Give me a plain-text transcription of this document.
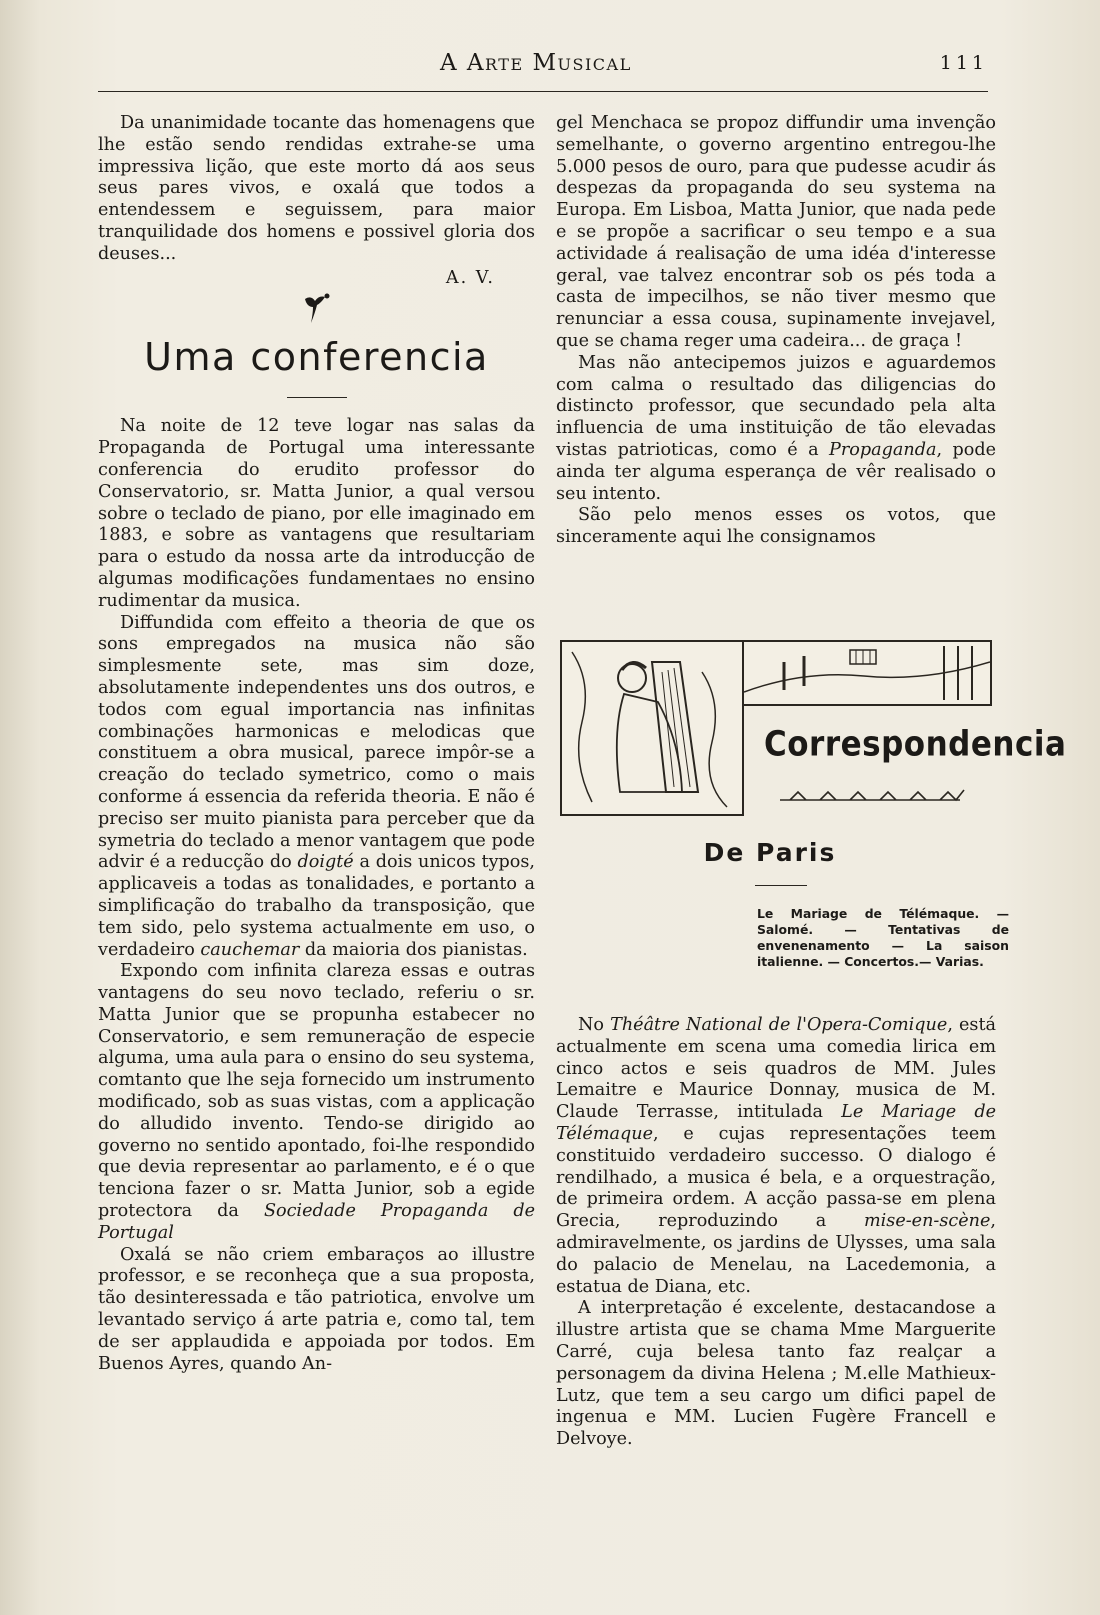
A Arte Musical	111

Da unanimidade tocante das homenagens que lhe estão sendo rendidas extrahe-se uma impressiva lição, que este morto dá aos seus seus pares vivos, e oxalá que todos a entendessem e seguissem, para maior tranquilidade dos homens e possivel gloria dos deuses...

A. V.
Uma conferencia

Na noite de 12 teve logar nas salas da Propaganda de Portugal uma interessante conferencia do erudito professor do Conservatorio, sr. Matta Junior, a qual versou sobre o teclado de piano, por elle imaginado em 1883, e sobre as vantagens que resultariam para o estudo da nossa arte da introducção de algumas modificações fundamentaes no ensino rudimentar da musica.

Diffundida com effeito a theoria de que os sons empregados na musica não são simplesmente sete, mas sim doze, absolutamente independentes uns dos outros, e todos com egual importancia nas infinitas combinações harmonicas e melodicas que constituem a obra musical, parece impôr-se a creação do teclado symetrico, como o mais conforme á essencia da referida theoria. E não é preciso ser muito pianista para perceber que da symetria do teclado a menor vantagem que pode advir é a reducção do doigté a dois unicos typos, applicaveis a todas as tonalidades, e portanto a simplificação do trabalho da transposição, que tem sido, pelo systema actualmente em uso, o verdadeiro cauchemar da maioria dos pianistas.

Expondo com infinita clareza essas e outras vantagens do seu novo teclado, referiu o sr. Matta Junior que se propunha estabecer no Conservatorio, e sem remuneração de especie alguma, uma aula para o ensino do seu systema, comtanto que lhe seja fornecido um instrumento modificado, sob as suas vistas, com a applicação do alludido invento. Tendo-se dirigido ao governo no sentido apontado, foi-lhe respondido que devia representar ao parlamento, e é o que tenciona fazer o sr. Matta Junior, sob a egide protectora da Sociedade Propaganda de Portugal

Oxalá se não criem embaraços ao illustre professor, e se reconheça que a sua proposta, tão desinteressada e tão patriotica, envolve um levantado serviço á arte patria e, como tal, tem de ser applaudida e appoiada por todos. Em Buenos Ayres, quando An-

gel Menchaca se propoz diffundir uma invenção semelhante, o governo argentino entregou-lhe 5.000 pesos de ouro, para que pudesse acudir ás despezas da propaganda do seu systema na Europa. Em Lisboa, Matta Junior, que nada pede e se propõe a sacrificar o seu tempo e a sua actividade á realisação de uma idéa d'interesse geral, vae talvez encontrar sob os pés toda a casta de impecilhos, se não tiver mesmo que renunciar a essa cousa, supinamente invejavel, que se chama reger uma cadeira... de graça !

Mas não antecipemos juizos e aguardemos com calma o resultado das diligencias do distincto professor, que secundado pela alta influencia de uma instituição de tão elevadas vistas patrioticas, como é a Propaganda, pode ainda ter alguma esperança de vêr realisado o seu intento.

São pelo menos esses os votos, que sinceramente aqui lhe consignamos

Correspondencia
De Paris
Le Mariage de Télémaque. — Salomé. — Tentativas de envenenamento — La saison italienne. — Concertos.— Varias.

No Théâtre National de l'Opera-Comique, está actualmente em scena uma comedia lirica em cinco actos e seis quadros de MM. Jules Lemaitre e Maurice Donnay, musica de M. Claude Terrasse, intitulada Le Mariage de Télémaque, e cujas representações teem constituido verdadeiro successo. O dialogo é rendilhado, a musica é bela, e a orquestração, de primeira ordem. A acção passa-se em plena Grecia, reproduzindo a mise-en-scène, admiravelmente, os jardins de Ulysses, uma sala do palacio de Menelau, na Lacedemonia, a estatua de Diana, etc.

A interpretação é excelente, destacandose a illustre artista que se chama Mme Marguerite Carré, cuja belesa tanto faz realçar a personagem da divina Helena ; M.elle Mathieux-Lutz, que tem a seu cargo um difici papel de ingenua e MM. Lucien Fugère Francell e Delvoye.
